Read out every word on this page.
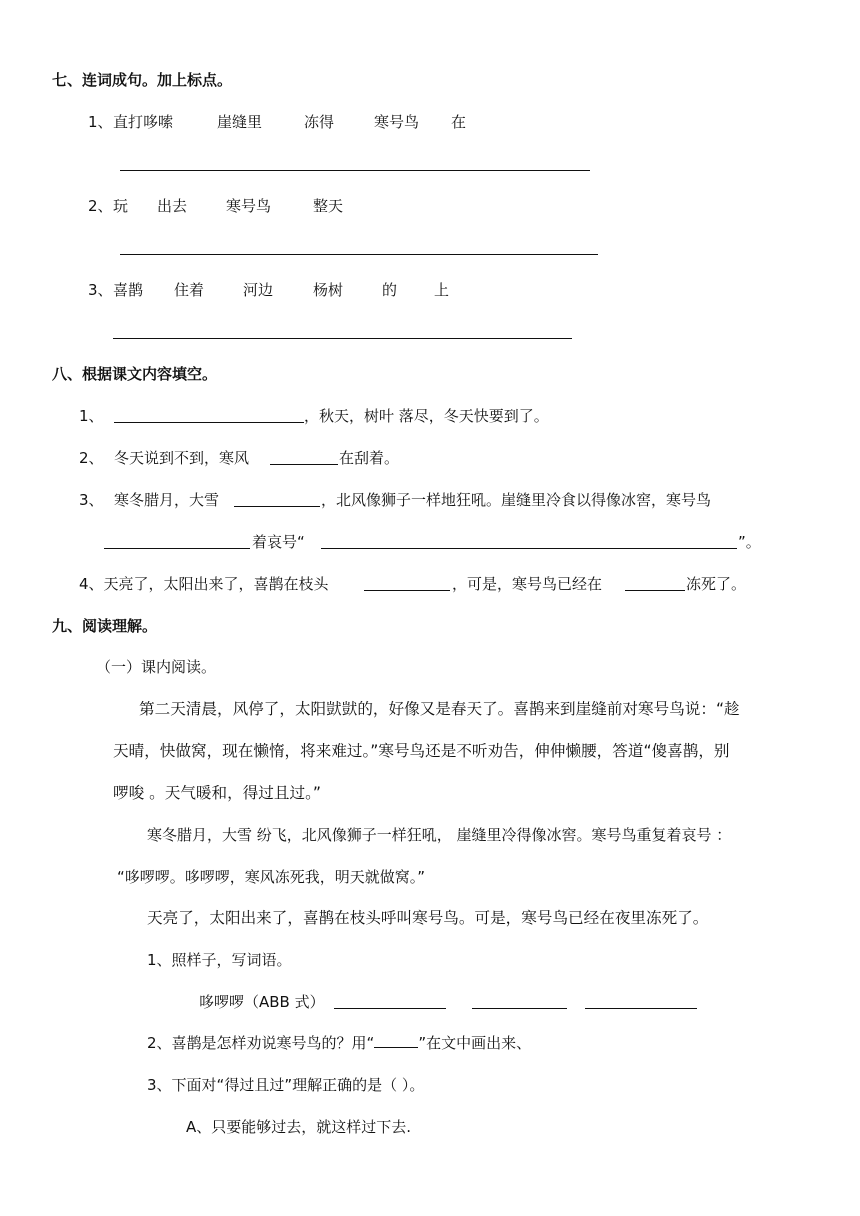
七、连词成句。加上标点。
1、 直打哆嗦	崖缝里	冻得	寒号鸟 在
2、 玩 出去	寒号鸟	整天
3、 喜鹊 住着	河边	杨树	的 上
八、根据课文内容填空。
1、	，秋天，树叶 落尽，冬天快要到了。
2、 冬天说到不到，寒风	在刮着。
3、 寒冬腊月，大雪	，北风像狮子一样地狂吼。崖缝里冷食以得像冰窖，寒号鸟
着哀号“	”。
4、天亮了，太阳出来了，喜鹊在枝头	，可是，寒号鸟已经在	冻死了。
九、阅读理解。
（一）课内阅读。
第二天清晨，风停了，太阳獃獃的，好像又是春天了。喜鹊来到崖缝前对寒号鸟说：“趁
天晴，快做窝，现在懒惰，将来难过。”寒号鸟还是不听劝告，伸伸懒腰，答道“傻喜鹊，别
啰唆 。天气暖和，得过且过。”
寒冬腊月，大雪 纷飞，北风像狮子一样狂吼， 崖缝里冷得像冰窖。寒号鸟重复着哀号 ：
“哆啰啰。哆啰啰，寒风冻死我，明天就做窝。”
天亮了，太阳出来了，喜鹊在枝头呼叫寒号鸟。可是，寒号鸟已经在夜里冻死了。
1、照样子，写词语。
哆啰啰（ABB 式）
2、喜鹊是怎样劝说寒号鸟的？用“	”在文中画出来、
3、下面对“得过且过”理解正确的是（ ）。
A、只要能够过去，就这样过下去.
